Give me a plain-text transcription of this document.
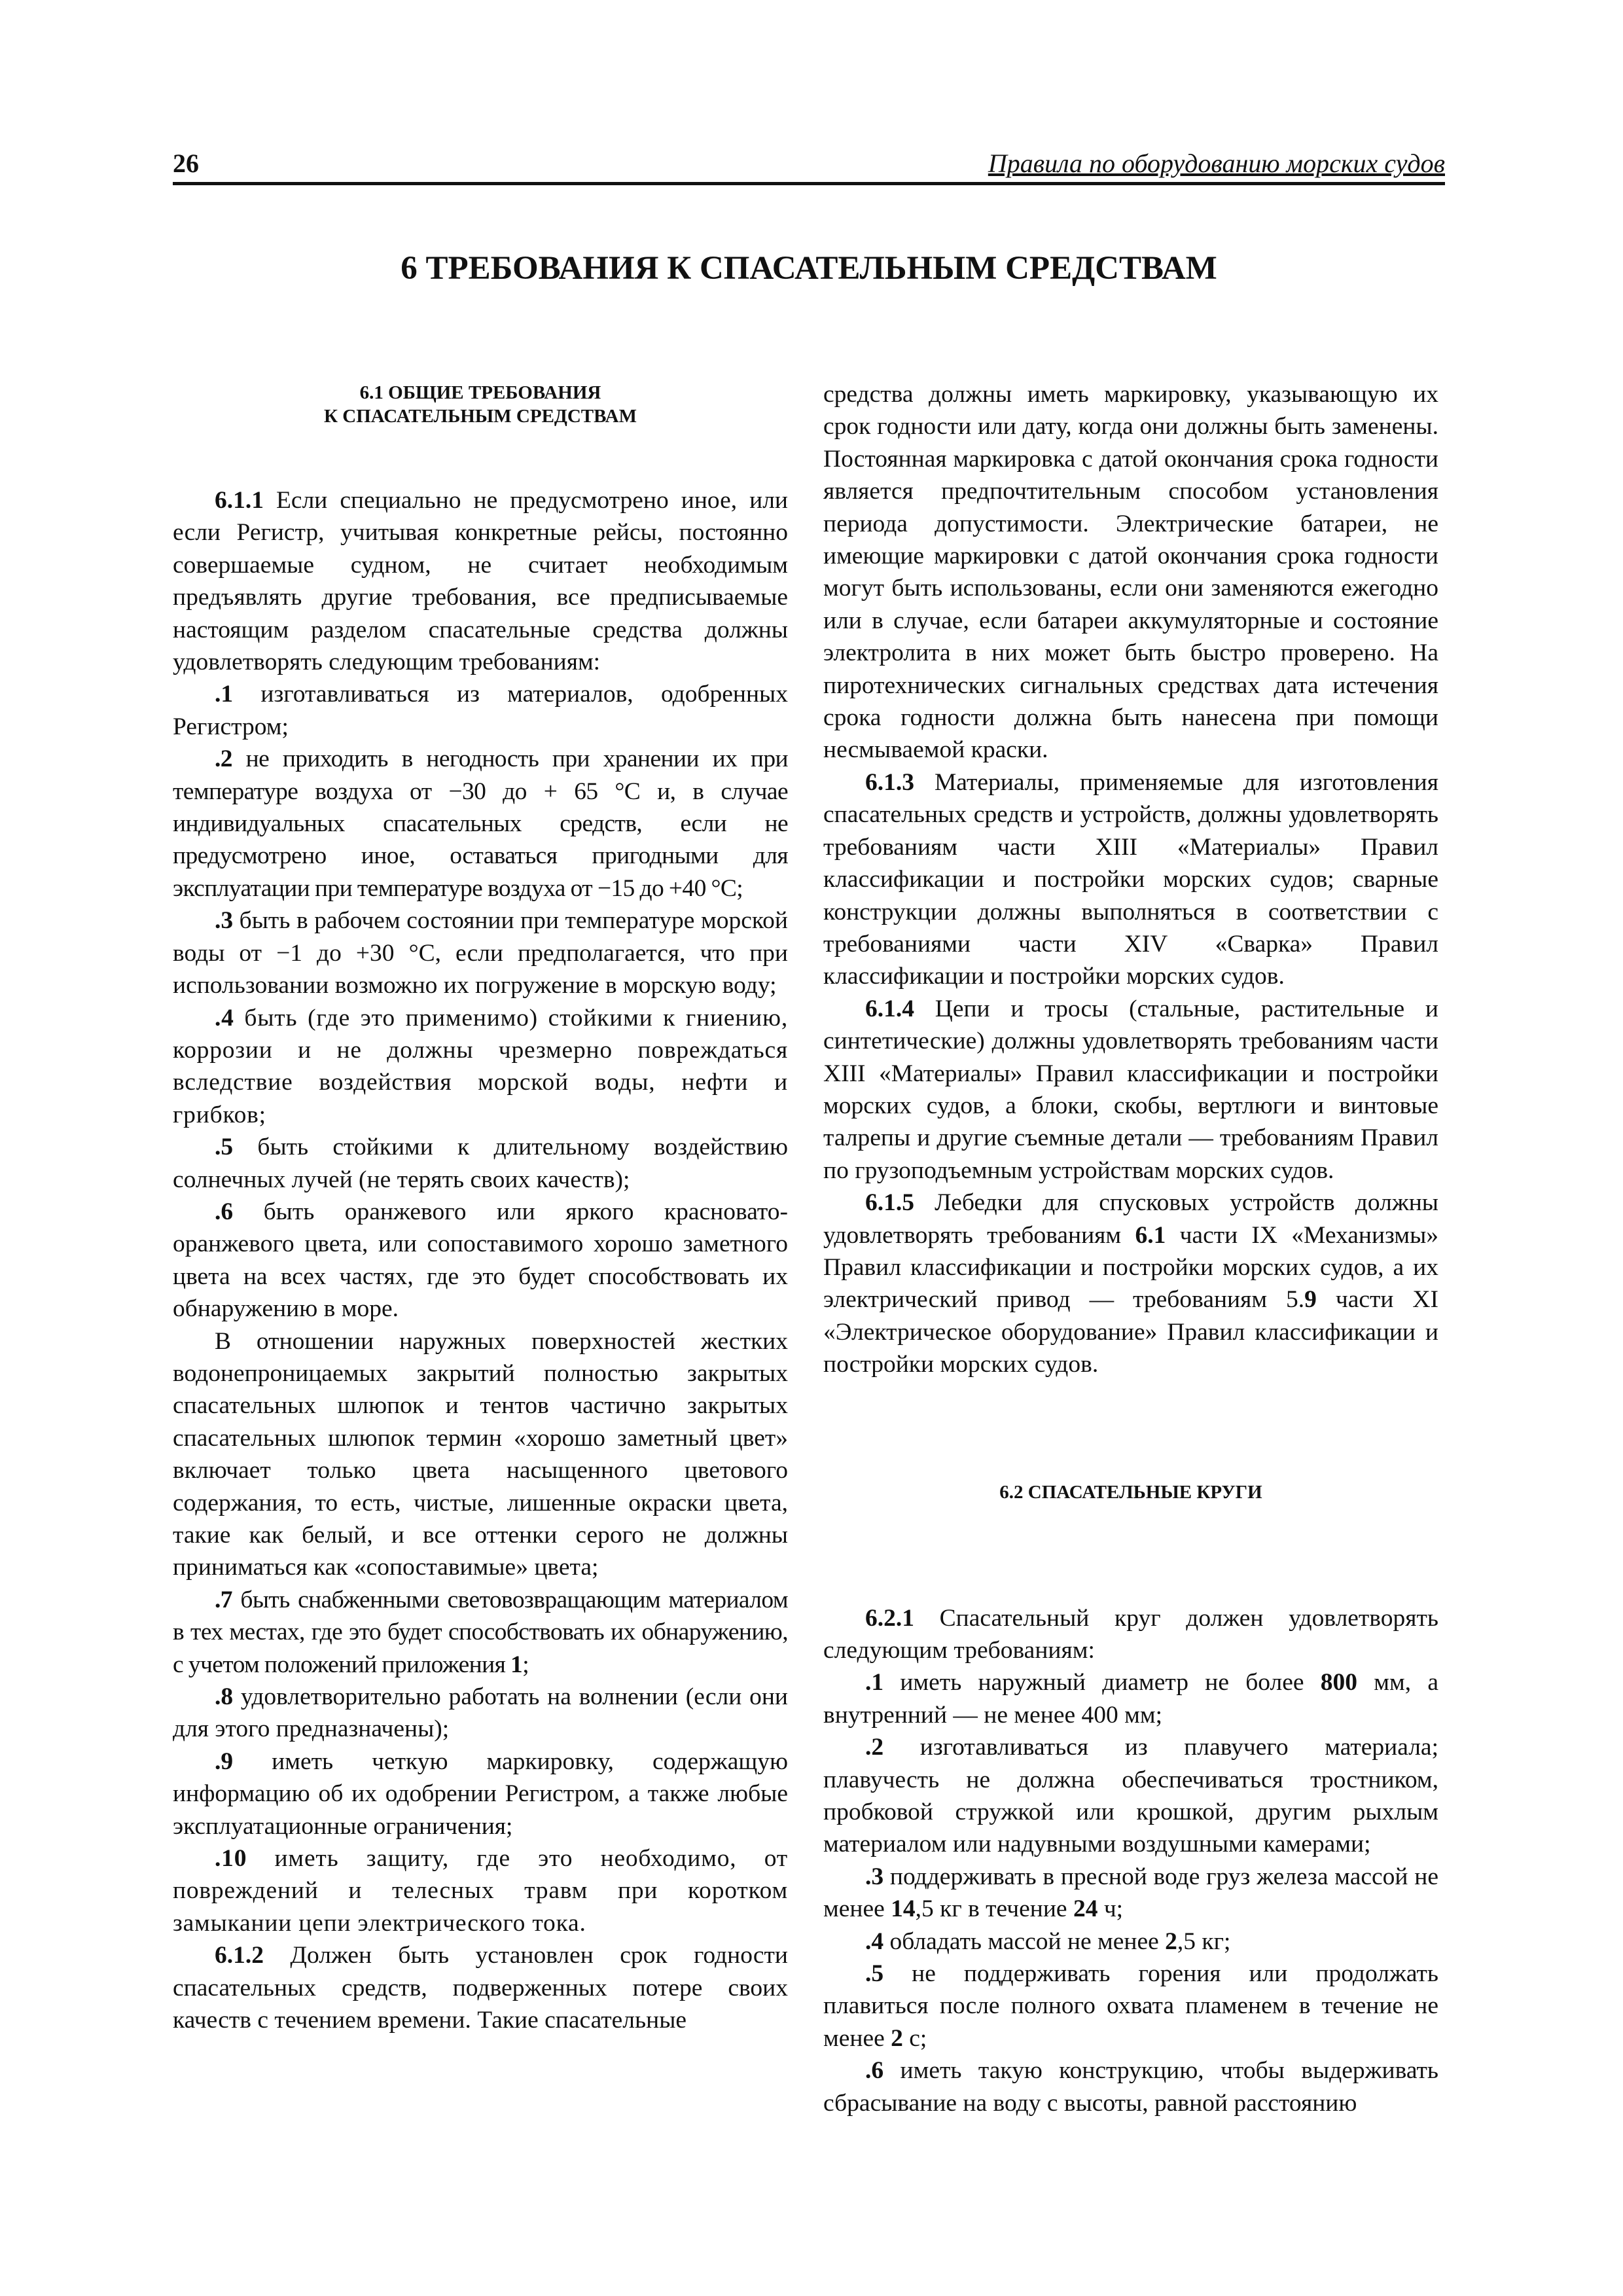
26	Правила по оборудованию морских судов
6 ТРЕБОВАНИЯ К СПАСАТЕЛЬНЫМ СРЕДСТВАМ
6.1 ОБЩИЕ ТРЕБОВАНИЯ
К СПАСАТЕЛЬНЫМ СРЕДСТВАМ

6.1.1 Если специально не предусмотрено иное, или если Регистр, учитывая конкретные рейсы, постоянно совершаемые судном, не считает необходимым предъявлять другие требования, все предписываемые настоящим разделом спасательные средства должны удовлетворять следующим требованиям:

.1 изготавливаться из материалов, одобренных Регистром;

.2 не приходить в негодность при хранении их при температуре воздуха от −30 до + 65 °С и, в случае индивидуальных спасательных средств, если не предусмотрено иное, оставаться пригодными для эксплуатации при температуре воздуха от −15 до +40 °С;

.3 быть в рабочем состоянии при температуре морской воды от −1 до +30 °С, если предполагается, что при использовании возможно их погружение в морскую воду;

.4 быть (где это применимо) стойкими к гниению, коррозии и не должны чрезмерно повреждаться вследствие воздействия морской воды, нефти и грибков;

.5 быть стойкими к длительному воздействию солнечных лучей (не терять своих качеств);

.6 быть оранжевого или яркого красновато-оранжевого цвета, или сопоставимого хорошо заметного цвета на всех частях, где это будет способствовать их обнаружению в море.

В отношении наружных поверхностей жестких водонепроницаемых закрытий полностью закрытых спасательных шлюпок и тентов частично закрытых спасательных шлюпок термин «хорошо заметный цвет» включает только цвета насыщенного цветового содержания, то есть, чистые, лишенные окраски цвета, такие как белый, и все оттенки серого не должны приниматься как «сопоставимые» цвета;

.7 быть снабженными световозвращающим материалом в тех местах, где это будет способствовать их обнаружению, с учетом положений приложения 1;

.8 удовлетворительно работать на волнении (если они для этого предназначены);

.9 иметь четкую маркировку, содержащую информацию об их одобрении Регистром, а также любые эксплуатационные ограничения;

.10 иметь защиту, где это необходимо, от повреждений и телесных травм при коротком замыкании цепи электрического тока.

6.1.2 Должен быть установлен срок годности спасательных средств, подверженных потере своих качеств с течением времени. Такие спасательные

средства должны иметь маркировку, указывающую их срок годности или дату, когда они должны быть заменены. Постоянная маркировка с датой окончания срока годности является предпочтительным способом установления периода допустимости. Электрические батареи, не имеющие маркировки с датой окончания срока годности могут быть использованы, если они заменяются ежегодно или в случае, если батареи аккумуляторные и состояние электролита в них может быть быстро проверено. На пиротехнических сигнальных средствах дата истечения срока годности должна быть нанесена при помощи несмываемой краски.

6.1.3 Материалы, применяемые для изготовления спасательных средств и устройств, должны удовлетворять требованиям части XIII «Материалы» Правил классификации и постройки морских судов; сварные конструкции должны выполняться в соответствии с требованиями части XIV «Сварка» Правил классификации и постройки морских судов.

6.1.4 Цепи и тросы (стальные, растительные и синтетические) должны удовлетворять требованиям части XIII «Материалы» Правил классификации и постройки морских судов, а блоки, скобы, вертлюги и винтовые талрепы и другие съемные детали — требованиям Правил по грузоподъемным устройствам морских судов.

6.1.5 Лебедки для спусковых устройств должны удовлетворять требованиям 6.1 части IX «Механизмы» Правил классификации и постройки морских судов, а их электрический привод — требованиям 5.9 части XI «Электрическое оборудование» Правил классификации и постройки морских судов.

6.2 СПАСАТЕЛЬНЫЕ КРУГИ

6.2.1 Спасательный круг должен удовлетворять следующим требованиям:

.1 иметь наружный диаметр не более 800 мм, а внутренний — не менее 400 мм;

.2 изготавливаться из плавучего материала; плавучесть не должна обеспечиваться тростником, пробковой стружкой или крошкой, другим рыхлым материалом или надувными воздушными камерами;

.3 поддерживать в пресной воде груз железа массой не менее 14,5 кг в течение 24 ч;

.4 обладать массой не менее 2,5 кг;

.5 не поддерживать горения или продолжать плавиться после полного охвата пламенем в течение не менее 2 с;

.6 иметь такую конструкцию, чтобы выдерживать сбрасывание на воду с высоты, равной расстоянию
